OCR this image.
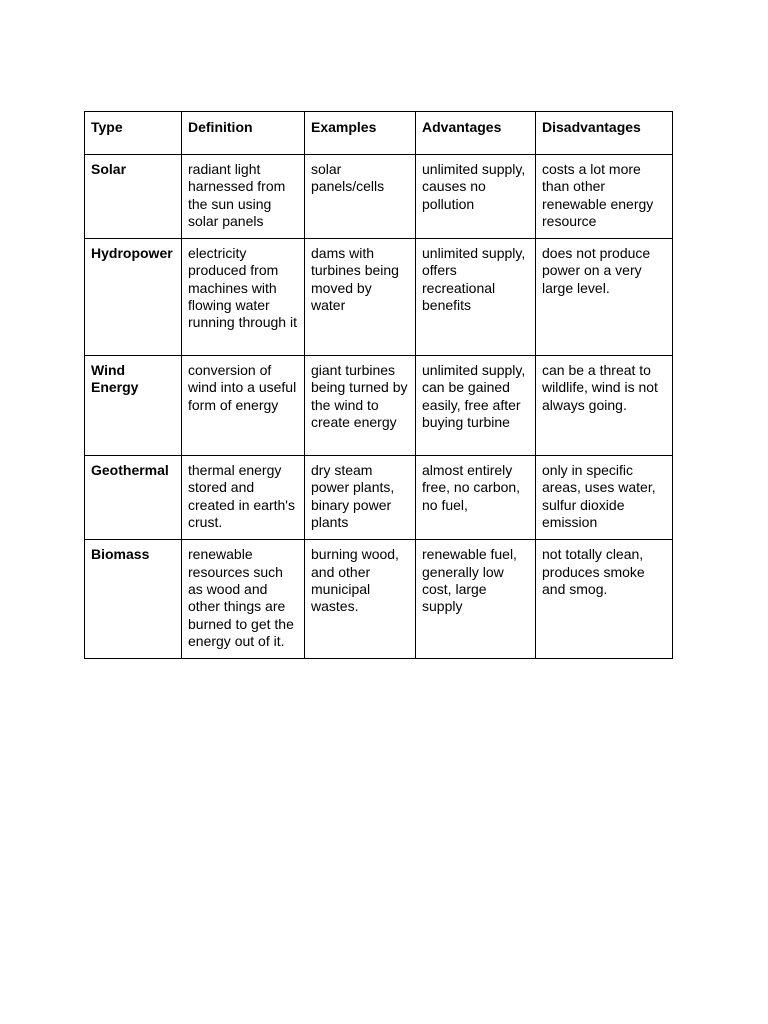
Type	Definition	Examples	Advantages	Disadvantages
Solar	radiant light harnessed from the sun using solar panels	solar panels/cells	unlimited supply, causes no pollution	costs a lot more than other renewable energy resource
Hydropower	electricity produced from machines with flowing water running through it	dams with turbines being moved by water	unlimited supply, offers recreational benefits	does not produce power on a very large level.
Wind Energy	conversion of wind into a useful form of energy	giant turbines being turned by the wind to create energy	unlimited supply, can be gained easily, free after buying turbine	can be a threat to wildlife, wind is not always going.
Geothermal	thermal energy stored and created in earth's crust.	dry steam power plants, binary power plants	almost entirely free, no carbon, no fuel,	only in specific areas, uses water, sulfur dioxide emission
Biomass	renewable resources such as wood and other things are burned to get the energy out of it.	burning wood, and other municipal wastes.	renewable fuel, generally low cost, large supply	not totally clean, produces smoke and smog.
